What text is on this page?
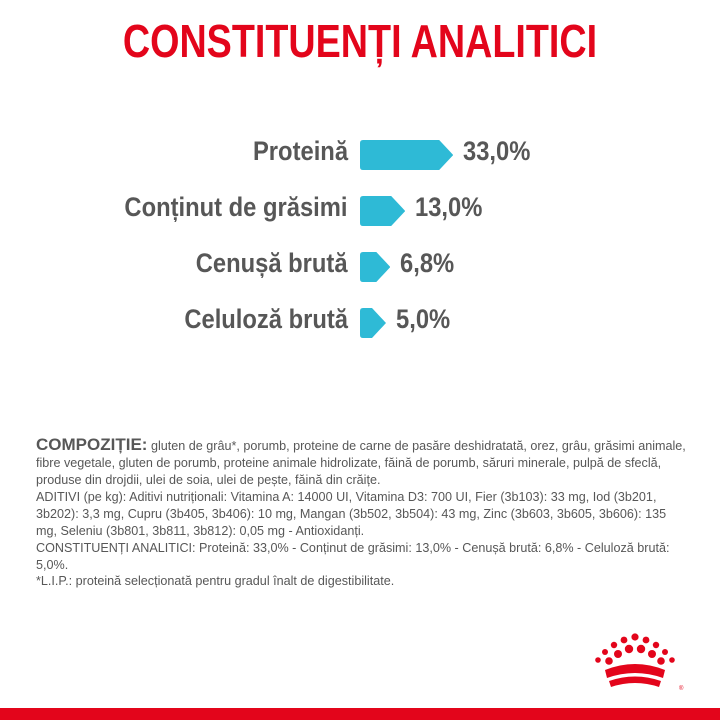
CONSTITUENȚI ANALITICI
Proteină	33,0%
Conținut de grăsimi 13,0%
Cenușă brută 6,8%
Celuloză brută 5,0%

COMPOZIȚIE: gluten de grâu*, porumb, proteine de carne de pasăre deshidratată, orez, grâu, grăsimi animale, fibre vegetale, gluten de porumb, proteine animale hidrolizate, făină de porumb, săruri minerale, pulpă de sfeclă, produse din drojdii, ulei de soia, ulei de pește, făină din crăițe.

ADITIVI (pe kg): Aditivi nutriționali: Vitamina A: 14000 UI, Vitamina D3: 700 UI, Fier (3b103): 33 mg, Iod (3b201, 3b202): 3,3 mg, Cupru (3b405, 3b406): 10 mg, Mangan (3b502, 3b504): 43 mg, Zinc (3b603, 3b605, 3b606): 135 mg, Seleniu (3b801, 3b811, 3b812): 0,05 mg - Antioxidanți.

CONSTITUENȚI ANALITICI: Proteină: 33,0% - Conținut de grăsimi: 13,0% - Cenușă brută: 6,8% - Celuloză brută: 5,0%.

*L.I.P.: proteină selecționată pentru gradul înalt de digestibilitate.
®
